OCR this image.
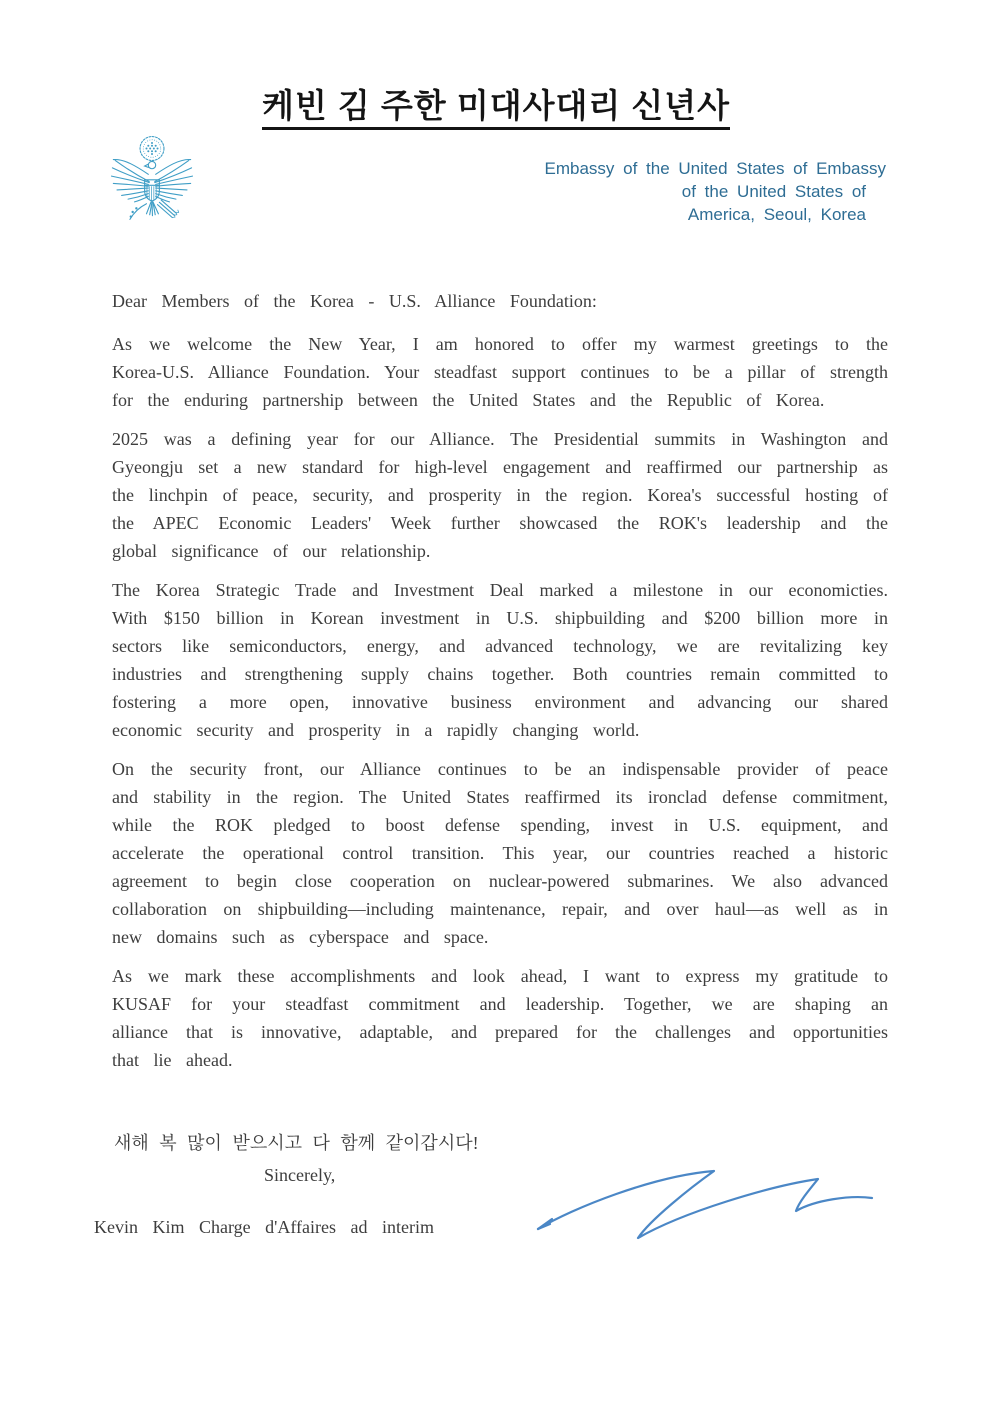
케빈 김 주한 미대사대리 신년사
Embassy of the United States of Embassy
of the United States of
America, Seoul, Korea

Dear Members of the Korea - U.S. Alliance Foundation:

As we welcome the New Year, I am honored to offer my warmest greetings to the Korea-U.S. Alliance Foundation. Your steadfast support continues to be a pillar of strength for the enduring partnership between the United States and the Republic of Korea.

2025 was a defining year for our Alliance. The Presidential summits in Washington and Gyeongju set a new standard for high-level engagement and reaffirmed our partnership as the linchpin of peace, security, and prosperity in the region. Korea's successful hosting of the APEC Economic Leaders' Week further showcased the ROK's leadership and the global significance of our relationship.

The Korea Strategic Trade and Investment Deal marked a milestone in our economicties. With $150 billion in Korean investment in U.S. shipbuilding and $200 billion more in sectors like semiconductors, energy, and advanced technology, we are revitalizing key industries and strengthening supply chains together. Both countries remain committed to fostering a more open, innovative business environment and advancing our shared economic security and prosperity in a rapidly changing world.

On the security front, our Alliance continues to be an indispensable provider of peace and stability in the region. The United States reaffirmed its ironclad defense commitment, while the ROK pledged to boost defense spending, invest in U.S. equipment, and accelerate the operational control transition. This year, our countries reached a historic agreement to begin close cooperation on nuclear-powered submarines. We also advanced collaboration on shipbuilding—including maintenance, repair, and over haul—as well as in new domains such as cyberspace and space.

As we mark these accomplishments and look ahead, I want to express my gratitude to KUSAF for your steadfast commitment and leadership. Together, we are shaping an alliance that is innovative, adaptable, and prepared for the challenges and opportunities that lie ahead.

새해 복 많이 받으시고 다 함께 같이갑시다!

Sincerely,

Kevin Kim Charge d'Affaires ad interim
